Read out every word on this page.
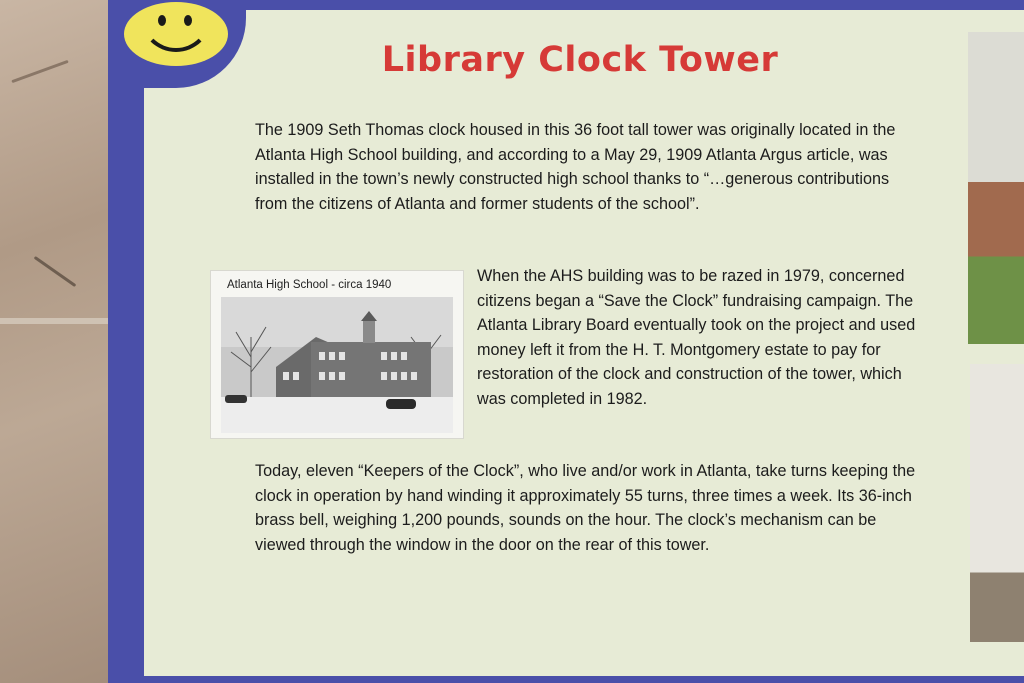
Library Clock Tower

The 1909 Seth Thomas clock housed in this 36 foot tall tower was originally located in the Atlanta High School building, and according to a May 29, 1909 Atlanta Argus article, was installed in the town’s newly constructed high school thanks to “…generous contributions from the citizens of Atlanta and former students of the school”.

Atlanta High School - circa 1940	When the AHS building was to be razed in 1979, concerned citizens began a “Save the Clock” fundraising campaign. The Atlanta Library Board eventually took on the project and used money left it from the H. T. Montgomery estate to pay for restoration of the clock and construction of the tower, which was completed in 1982.

Today, eleven “Keepers of the Clock”, who live and/or work in Atlanta, take turns keeping the clock in operation by hand winding it approximately 55 turns, three times a week. Its 36-inch brass bell, weighing 1,200 pounds, sounds on the hour. The clock’s mechanism can be viewed through the window in the door on the rear of this tower.
